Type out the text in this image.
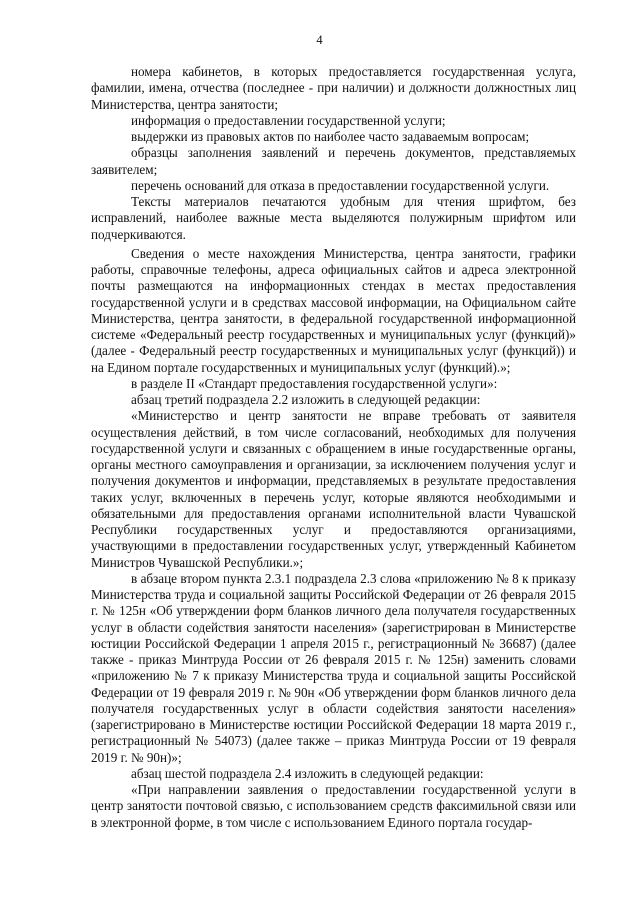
4

номера кабинетов, в которых предоставляется государственная услуга, фамилии, имена, отчества (последнее - при наличии) и должности должностных лиц Министерства, центра занятости;

информация о предоставлении государственной услуги;

выдержки из правовых актов по наиболее часто задаваемым вопросам;

образцы заполнения заявлений и перечень документов, представляемых заявителем;

перечень оснований для отказа в предоставлении государственной услуги.

Тексты материалов печатаются удобным для чтения шрифтом, без исправлений, наиболее важные места выделяются полужирным шрифтом или подчеркиваются.

Сведения о месте нахождения Министерства, центра занятости, графики работы, справочные телефоны, адреса официальных сайтов и адреса электронной почты размещаются на информационных стендах в местах предоставления государственной услуги и в средствах массовой информации, на Официальном сайте Министерства, центра занятости, в федеральной государственной информационной системе «Федеральный реестр государственных и муниципальных услуг (функций)» (далее - Федеральный реестр государственных и муниципальных услуг (функций)) и на Едином портале государственных и муниципальных услуг (функций).»;

в разделе II «Стандарт предоставления государственной услуги»:

абзац третий подраздела 2.2 изложить в следующей редакции:

«Министерство и центр занятости не вправе требовать от заявителя осуществления действий, в том числе согласований, необходимых для получения государственной услуги и связанных с обращением в иные государственные органы, органы местного самоуправления и организации, за исключением получения услуг и получения документов и информации, представляемых в результате предоставления таких услуг, включенных в перечень услуг, которые являются необходимыми и обязательными для предоставления органами исполнительной власти Чувашской Республики государственных услуг и предоставляются организациями, участвующими в предоставлении государственных услуг, утвержденный Кабинетом Министров Чувашской Республики.»;

в абзаце втором пункта 2.3.1 подраздела 2.3 слова «приложению № 8 к приказу Министерства труда и социальной защиты Российской Федерации от 26 февраля 2015 г. № 125н «Об утверждении форм бланков личного дела получателя государственных услуг в области содействия занятости населения» (зарегистрирован в Министерстве юстиции Российской Федерации 1 апреля 2015 г., регистрационный № 36687) (далее также - приказ Минтруда России от 26 февраля 2015 г. № 125н) заменить словами «приложению № 7 к приказу Министерства труда и социальной защиты Российской Федерации от 19 февраля 2019 г. № 90н «Об утверждении форм бланков личного дела получателя государственных услуг в области содействия занятости населения» (зарегистрировано в Министерстве юстиции Российской Федерации 18 марта 2019 г., регистрационный № 54073) (далее также – приказ Минтруда России от 19 февраля 2019 г. № 90н)»;

абзац шестой подраздела 2.4 изложить в следующей редакции:

«При направлении заявления о предоставлении государственной услуги в центр занятости почтовой связью, с использованием средств факсимильной связи или в электронной форме, в том числе с использованием Единого портала государ-
